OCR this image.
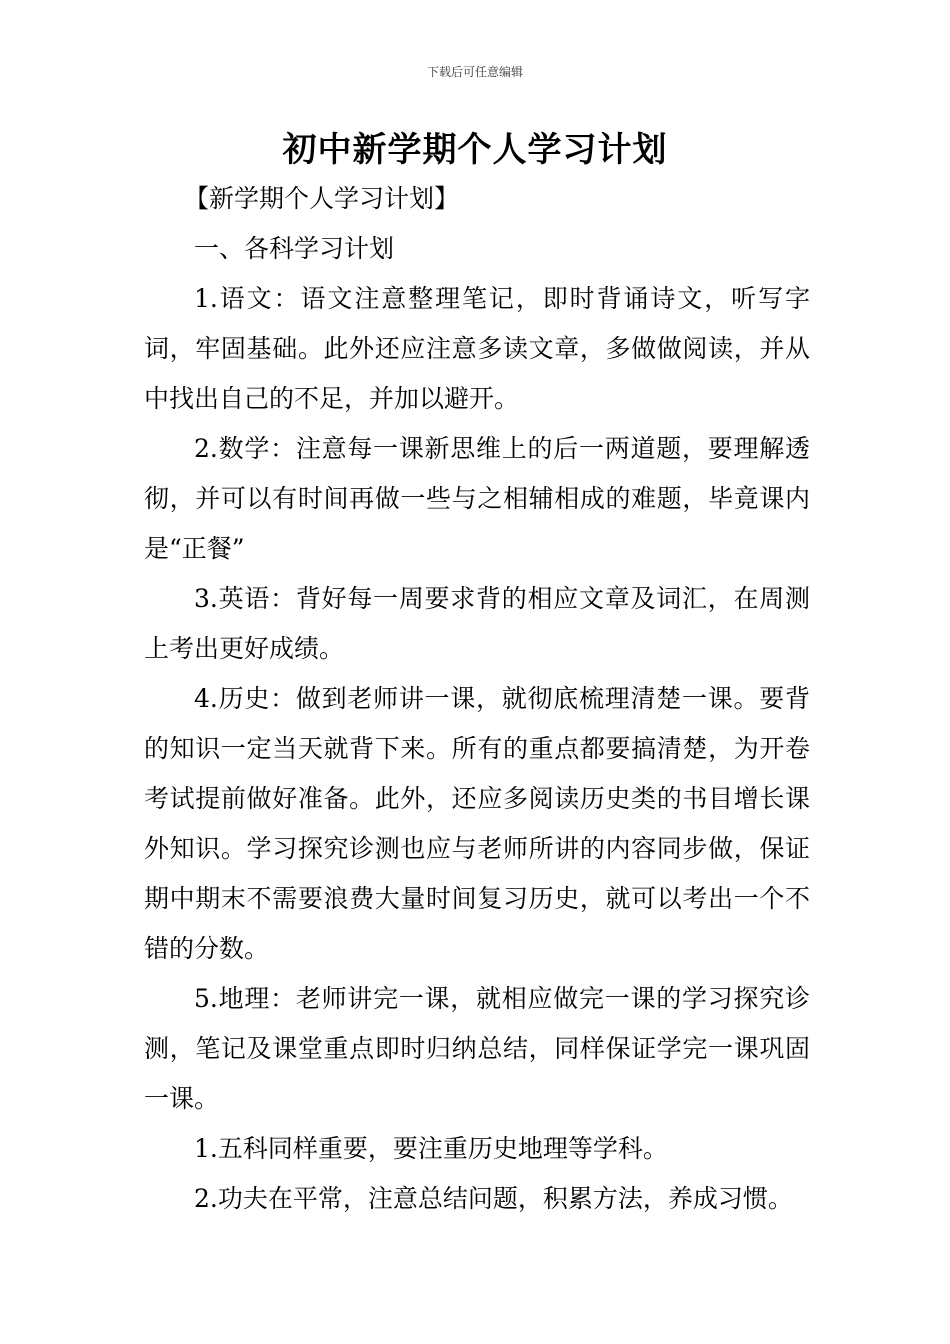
下载后可任意编辑
初中新学期个人学习计划

【新学期个人学习计划】

一、各科学习计划

1.语文：语文注意整理笔记，即时背诵诗文，听写字词，牢固基础。此外还应注意多读文章，多做做阅读，并从中找出自己的不足，并加以避开。

2.数学：注意每一课新思维上的后一两道题，要理解透彻，并可以有时间再做一些与之相辅相成的难题，毕竟课内是“正餐”

3.英语：背好每一周要求背的相应文章及词汇，在周测上考出更好成绩。

4.历史：做到老师讲一课，就彻底梳理清楚一课。要背的知识一定当天就背下来。所有的重点都要搞清楚，为开卷考试提前做好准备。此外，还应多阅读历史类的书目增长课外知识。学习探究诊测也应与老师所讲的内容同步做，保证期中期末不需要浪费大量时间复习历史，就可以考出一个不错的分数。

5.地理：老师讲完一课，就相应做完一课的学习探究诊测，笔记及课堂重点即时归纳总结，同样保证学完一课巩固一课。

1.五科同样重要，要注重历史地理等学科。

2.功夫在平常，注意总结问题，积累方法，养成习惯。
